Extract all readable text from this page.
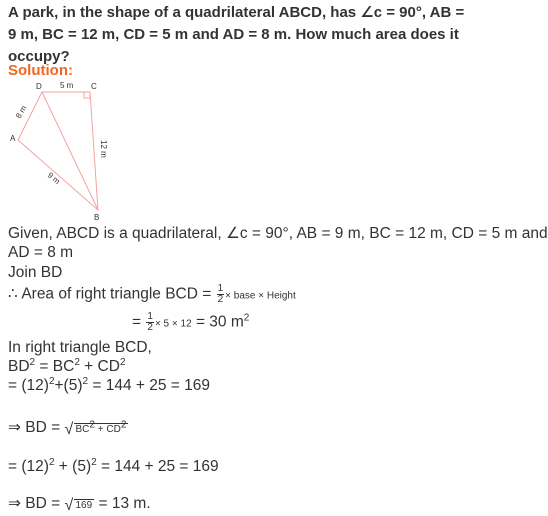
A park, in the shape of a quadrilateral ABCD, has ∠c = 90°, AB = 9 m, BC = 12 m, CD = 5 m and AD = 8 m. How much area does it occupy?
Solution:
D	C
A
B
5 m
8 m
12 m
9 m
Given, ABCD is a quadrilateral, ∠c = 90°, AB = 9 m, BC = 12 m, CD = 5 m and
AD = 8 m
Join BD
∴ Area of right triangle BCD = $\frac{1}{2}$ × base × Height
= $\frac{1}{2} \times 5 \times 12 = 30$ $m^2$
In right triangle BCD,
$BD^2 = BC^2 + CD^2$
= $(12)^2+(5)^2 = 144 + 25 = 169$
⇒ BD = √ $BC^2 + CD^2$
= $(12)^2 + (5)^2 = 144 + 25 = 169$
⇒ BD = √ 169 = 13 m.
